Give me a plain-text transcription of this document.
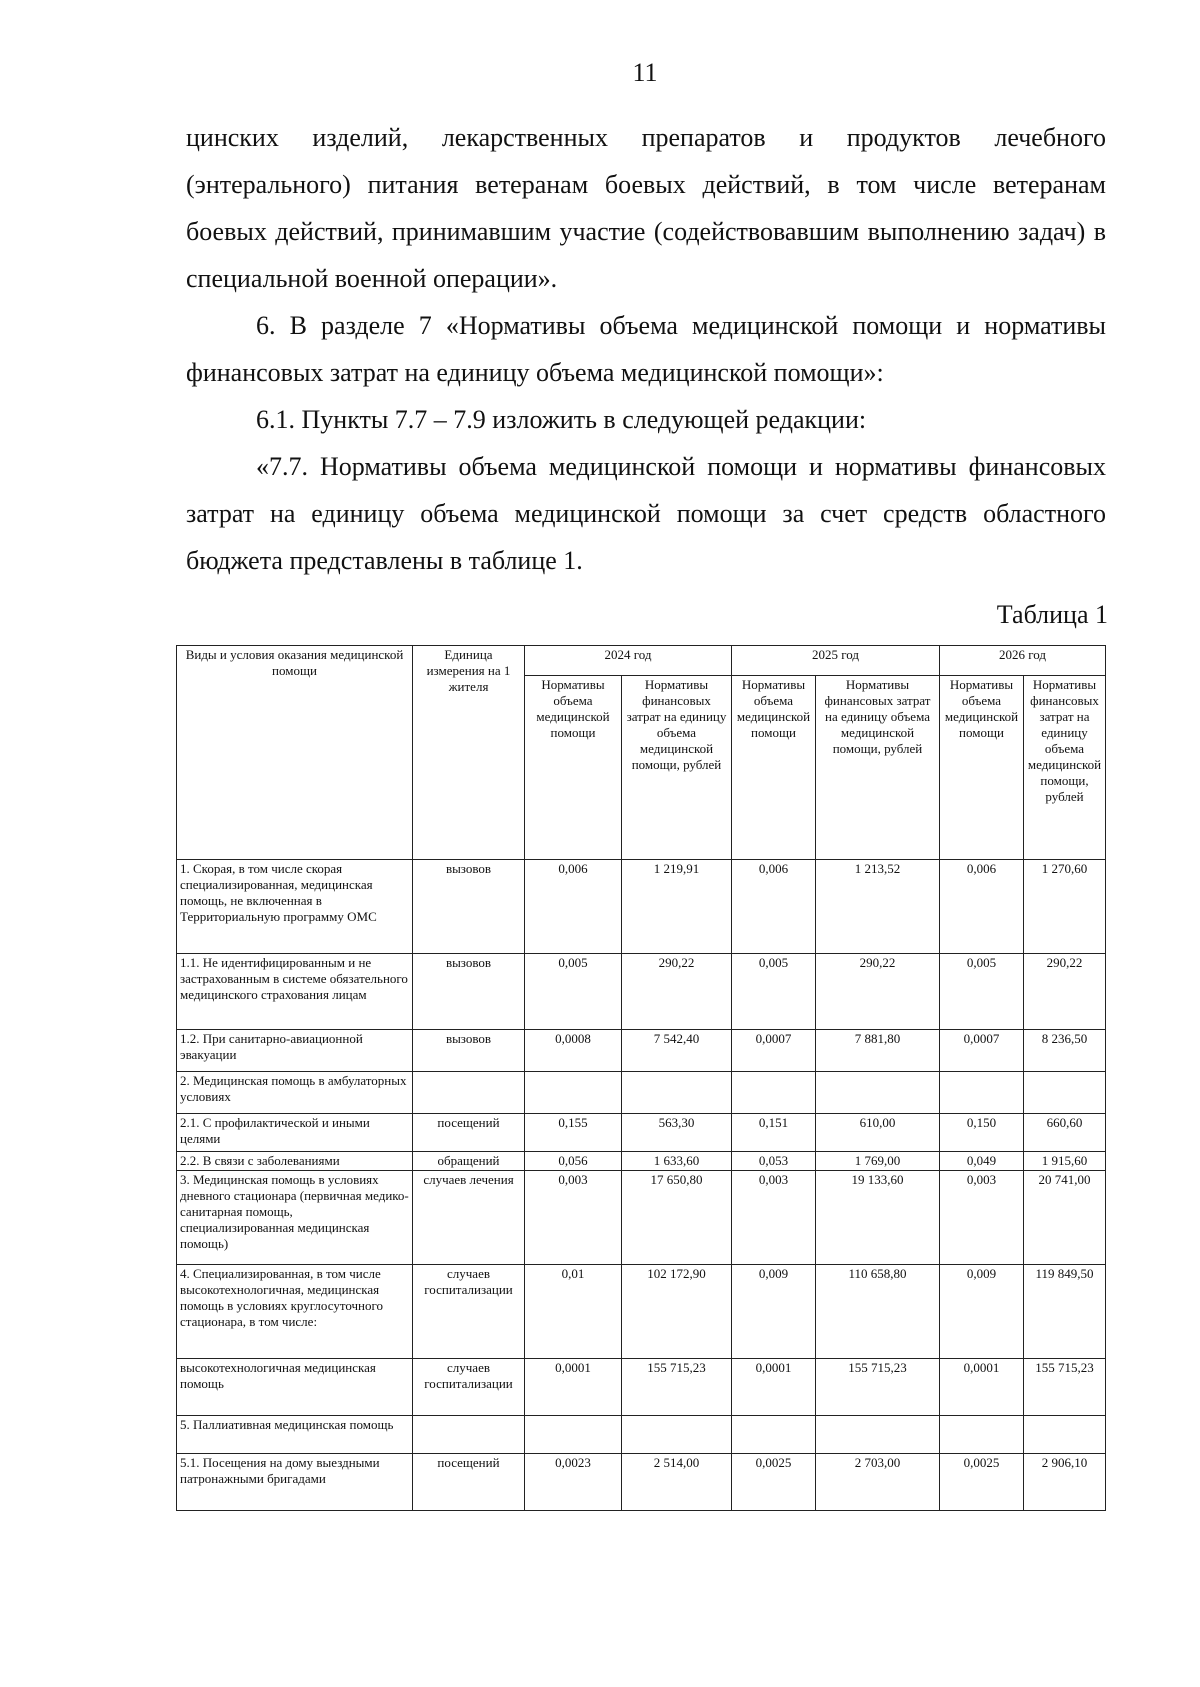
11
цинских изделий, лекарственных препаратов и продуктов лечебного (энтерального) питания ветеранам боевых действий, в том числе ветеранам боевых действий, принимавшим участие (содействовавшим выполнению задач) в специальной военной операции».
6. В разделе 7 «Нормативы объема медицинской помощи и нормативы финансовых затрат на единицу объема медицинской помощи»:
6.1. Пункты 7.7 – 7.9 изложить в следующей редакции:
«7.7. Нормативы объема медицинской помощи и нормативы финансовых затрат на единицу объема медицинской помощи за счет средств областного бюджета представлены в таблице 1.
Таблица 1
Виды и условия оказания медицинской помощи	Единица измерения на 1 жителя	2024 год		2025 год		2026 год	
		Нормативы объема медицинской помощи	Нормативы финансовых затрат на единицу объема медицинской помощи, рублей	Нормативы объема медицинской помощи	Нормативы финансовых затрат на единицу объема медицинской помощи, рублей	Нормативы объема медицинской помощи	Нормативы финансовых затрат на единицу объема медицинской помощи, рублей
1. Скорая, в том числе скорая специализированная, медицинская помощь, не включенная в Территориальную программу ОМС	вызовов	0,006	1 219,91	0,006	1 213,52	0,006	1 270,60
1.1. Не идентифицированным и не застрахованным в системе обязательного медицинского страхования лицам	вызовов	0,005	290,22	0,005	290,22	0,005	290,22
1.2. При санитарно-авиационной эвакуации	вызовов	0,0008	7 542,40	0,0007	7 881,80	0,0007	8 236,50
2. Медицинская помощь в амбулаторных условиях							
2.1. С профилактической и иными целями	посещений	0,155	563,30	0,151	610,00	0,150	660,60
2.2. В связи с заболеваниями	обращений	0,056	1 633,60	0,053	1 769,00	0,049	1 915,60
3. Медицинская помощь в условиях дневного стационара (первичная медико-санитарная помощь, специализированная медицинская помощь)	случаев лечения	0,003	17 650,80	0,003	19 133,60	0,003	20 741,00
4. Специализированная, в том числе высокотехнологичная, медицинская помощь в условиях круглосуточного стационара, в том числе:	случаев госпитализации	0,01	102 172,90	0,009	110 658,80	0,009	119 849,50
высокотехнологичная медицинская помощь	случаев госпитализации	0,0001	155 715,23	0,0001	155 715,23	0,0001	155 715,23
5. Паллиативная медицинская помощь							
5.1. Посещения на дому выездными патронажными бригадами	посещений	0,0023	2 514,00	0,0025	2 703,00	0,0025	2 906,10
